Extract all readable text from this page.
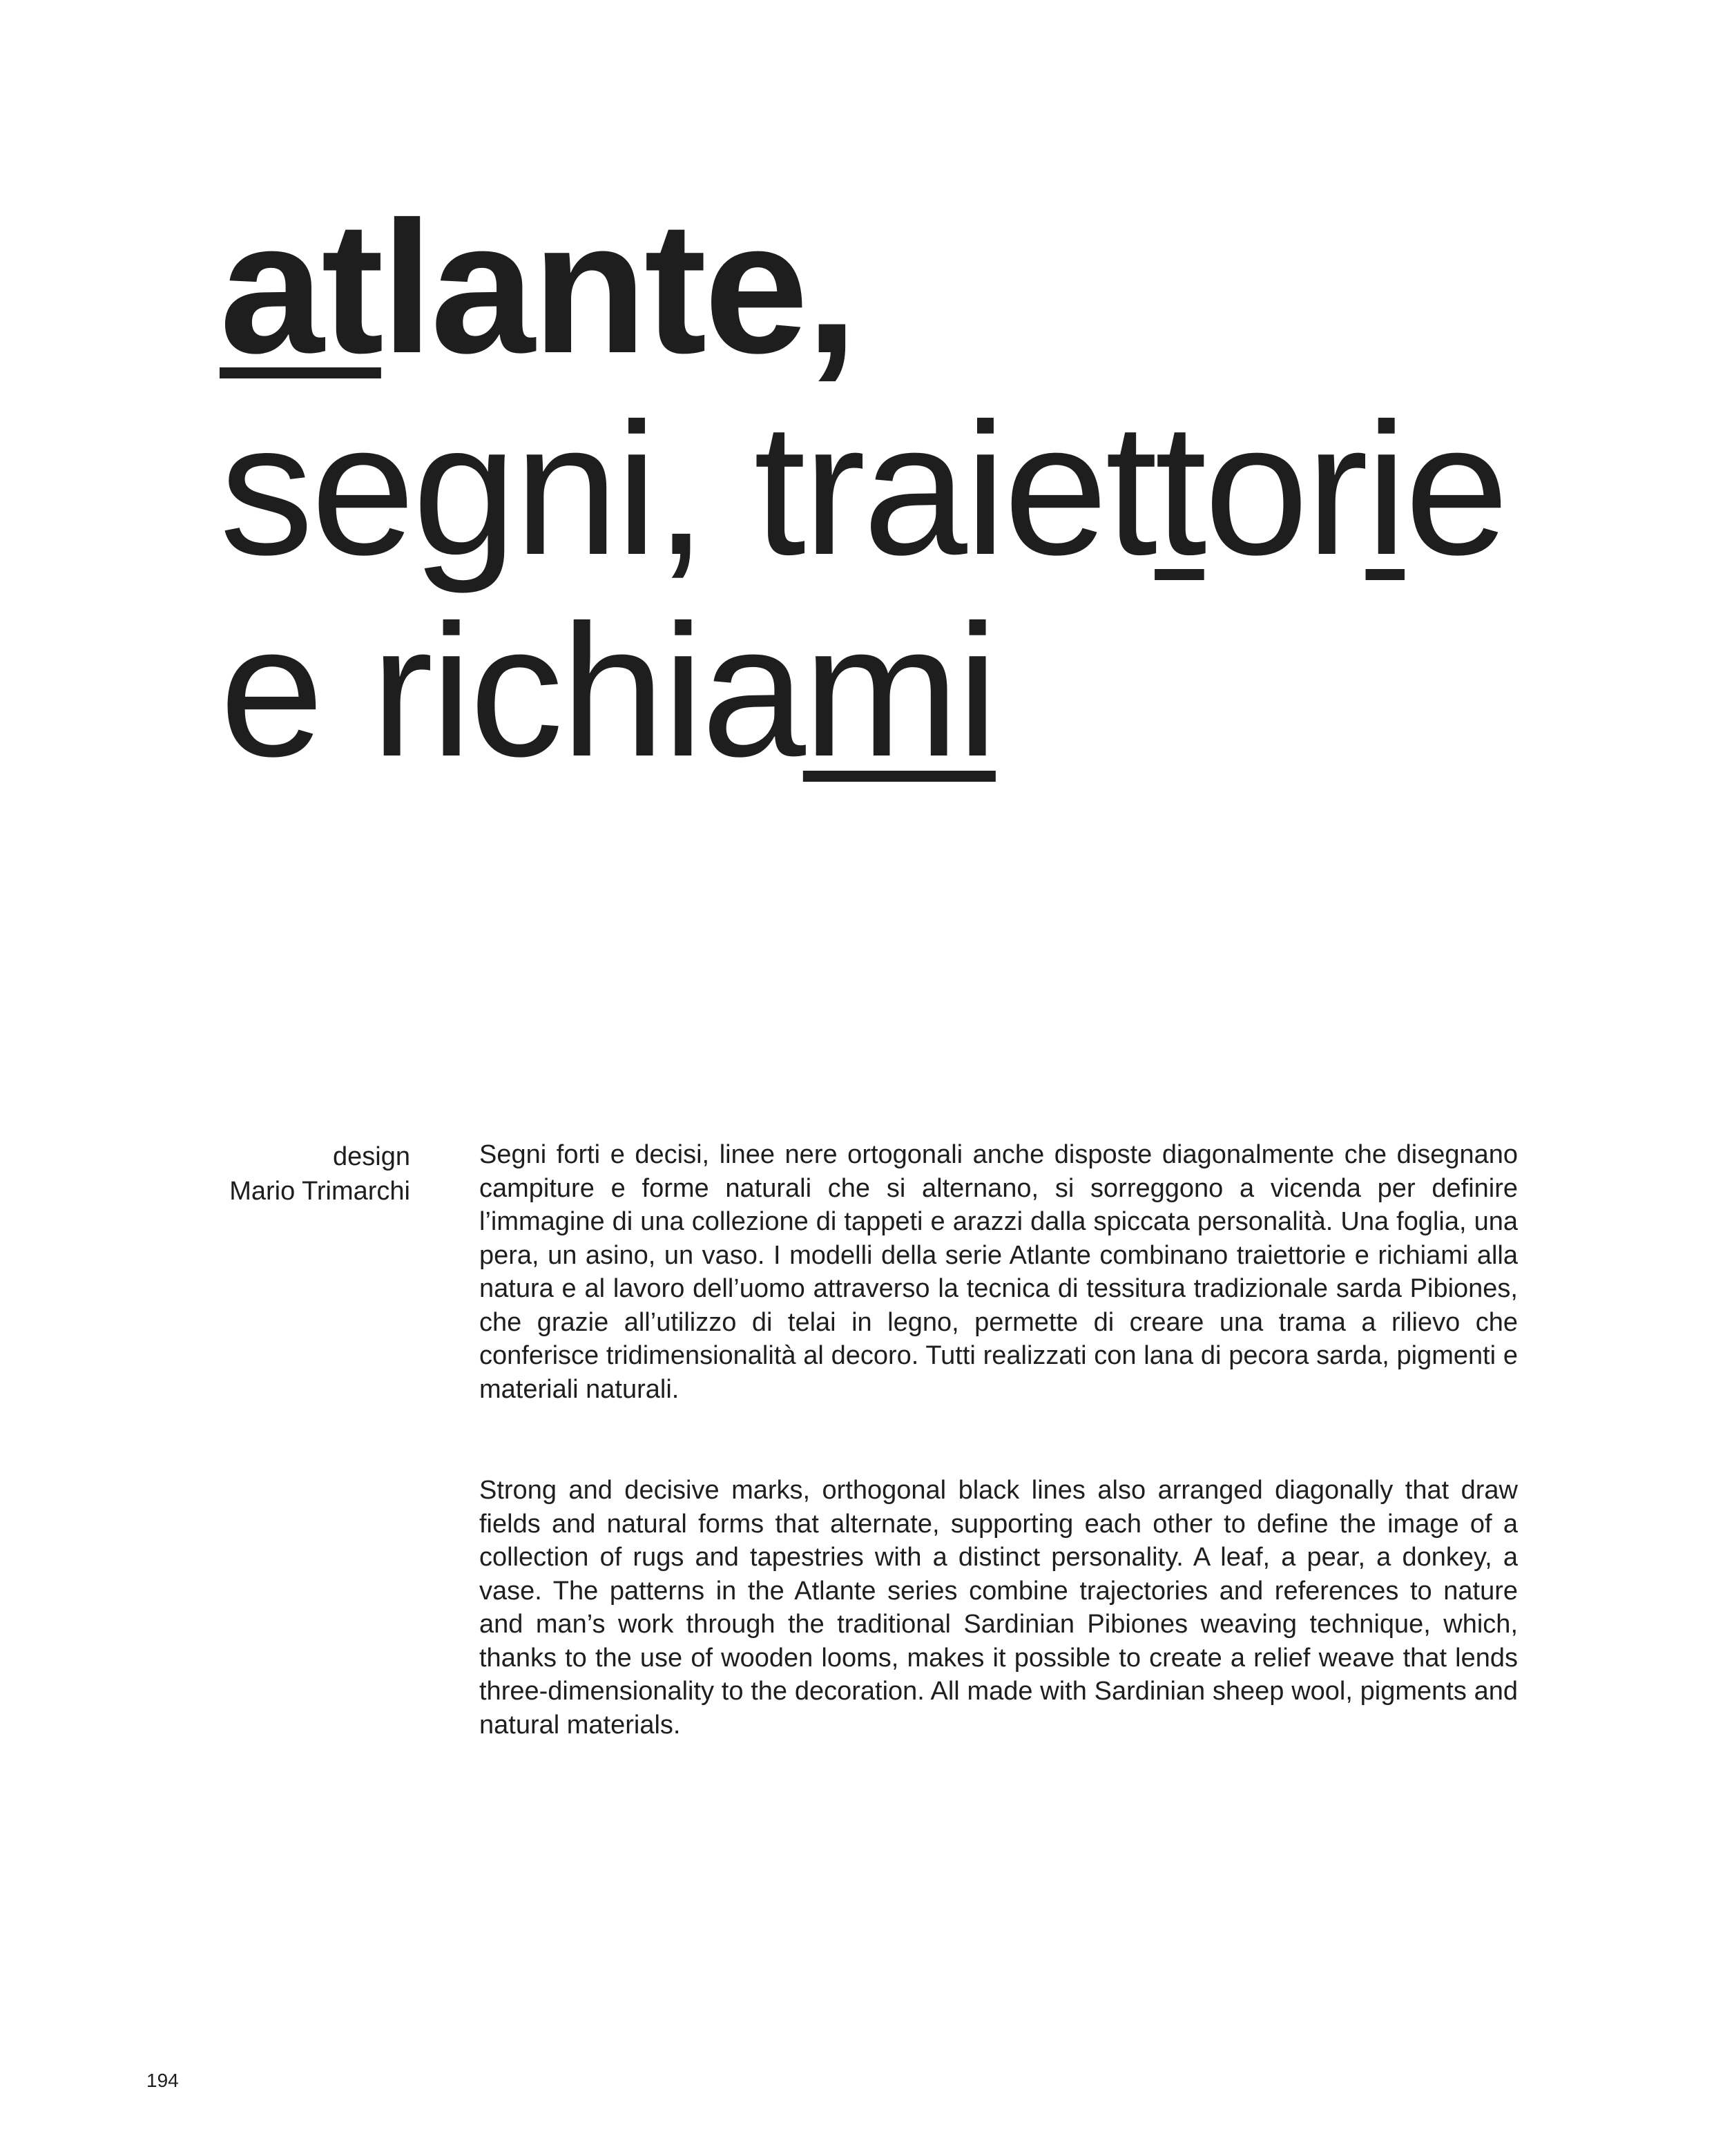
atlante,
segni, traiettorie
e richiami
design
Mario Trimarchi

Segni forti e decisi, linee nere ortogonali anche disposte diagonalmente che disegnano campiture e forme naturali che si alternano, si sorreggono a vicenda per definire l’immagine di una collezione di tappeti e arazzi dalla spiccata personalità. Una foglia, una pera, un asino, un vaso. I modelli della serie Atlante combinano traiettorie e richiami alla natura e al lavoro dell’uomo attraverso la tecnica di tessitura tradizionale sarda Pibiones, che grazie all’utilizzo di telai in legno, permette di creare una trama a rilievo che conferisce tridimensionalità al decoro. Tutti realizzati con lana di pecora sarda, pigmenti e materiali naturali.

Strong and decisive marks, orthogonal black lines also arranged diagonally that draw fields and natural forms that alternate, supporting each other to define the image of a collection of rugs and tapestries with a distinct personality. A leaf, a pear, a donkey, a vase. The patterns in the Atlante series combine trajectories and references to nature and man’s work through the traditional Sardinian Pibiones weaving technique, which, thanks to the use of wooden looms, makes it possible to create a relief weave that lends three-dimensionality to the decoration. All made with Sardinian sheep wool, pigments and natural materials.

194
